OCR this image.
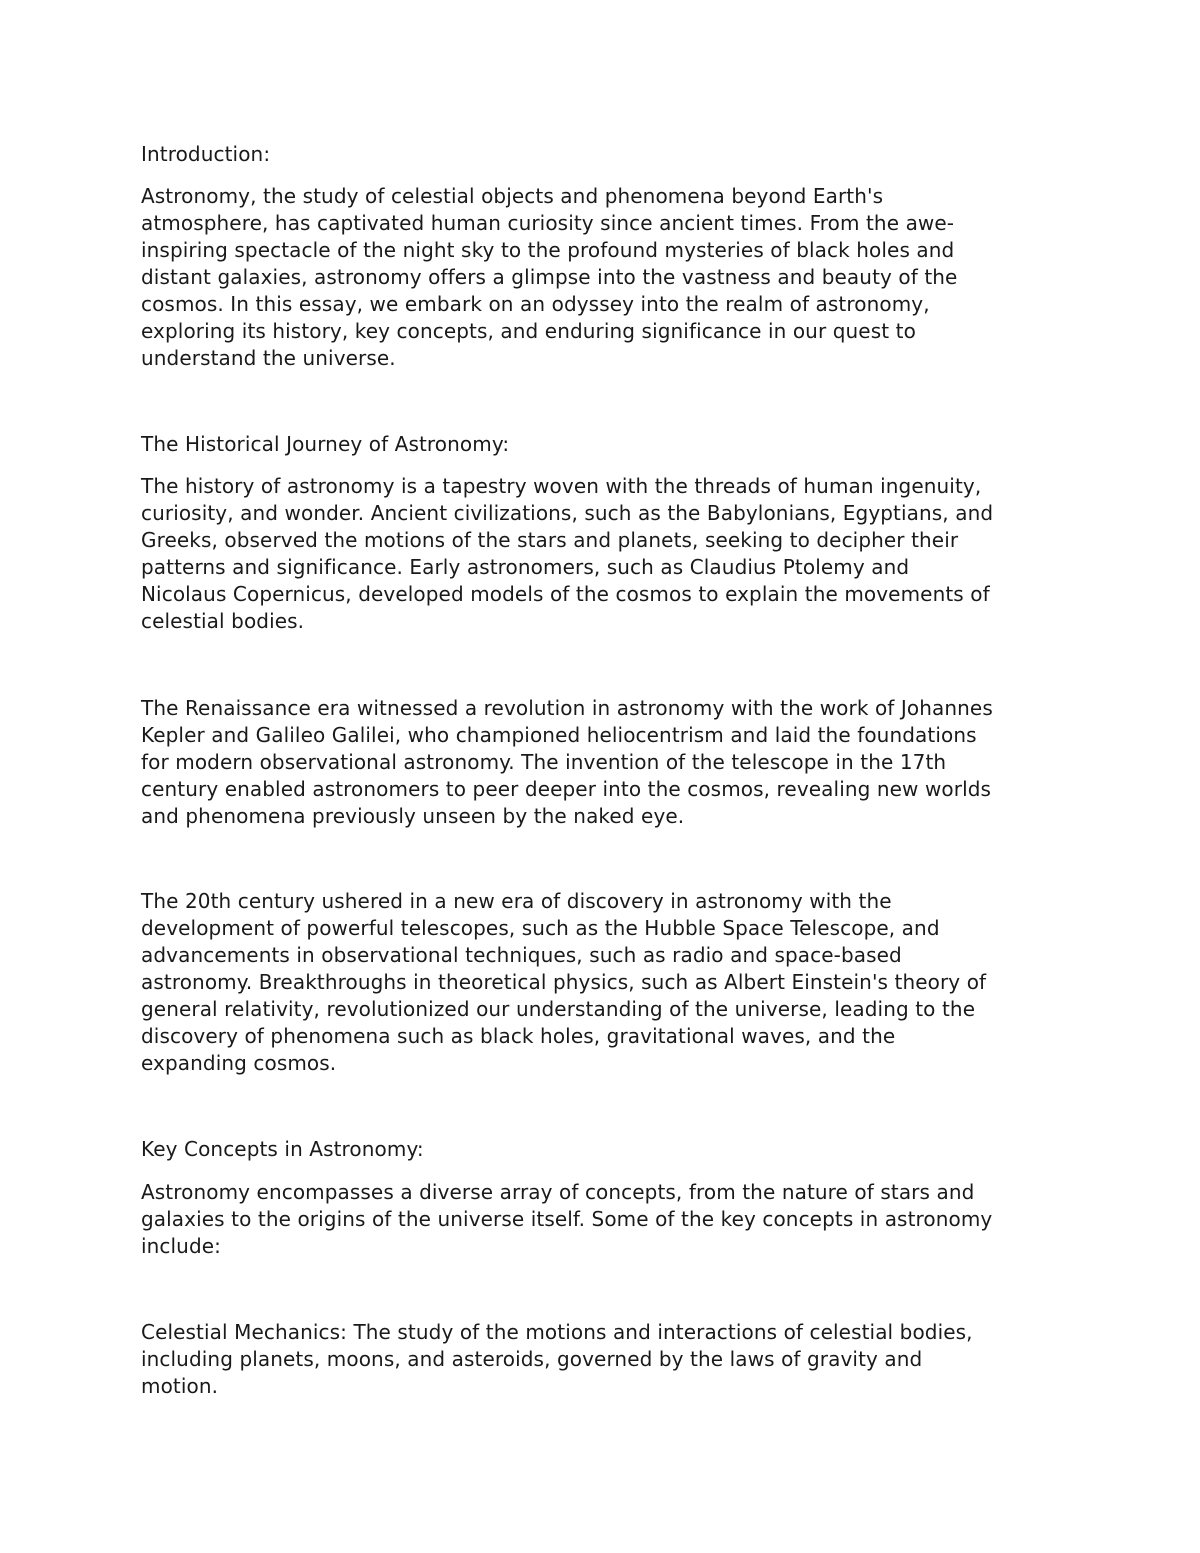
Introduction:

Astronomy, the study of celestial objects and phenomena beyond Earth's
atmosphere, has captivated human curiosity since ancient times. From the awe-
inspiring spectacle of the night sky to the profound mysteries of black holes and
distant galaxies, astronomy offers a glimpse into the vastness and beauty of the
cosmos. In this essay, we embark on an odyssey into the realm of astronomy,
exploring its history, key concepts, and enduring significance in our quest to
understand the universe.

The Historical Journey of Astronomy:

The history of astronomy is a tapestry woven with the threads of human ingenuity,
curiosity, and wonder. Ancient civilizations, such as the Babylonians, Egyptians, and
Greeks, observed the motions of the stars and planets, seeking to decipher their
patterns and significance. Early astronomers, such as Claudius Ptolemy and
Nicolaus Copernicus, developed models of the cosmos to explain the movements of
celestial bodies.

The Renaissance era witnessed a revolution in astronomy with the work of Johannes
Kepler and Galileo Galilei, who championed heliocentrism and laid the foundations
for modern observational astronomy. The invention of the telescope in the 17th
century enabled astronomers to peer deeper into the cosmos, revealing new worlds
and phenomena previously unseen by the naked eye.

The 20th century ushered in a new era of discovery in astronomy with the
development of powerful telescopes, such as the Hubble Space Telescope, and
advancements in observational techniques, such as radio and space-based
astronomy. Breakthroughs in theoretical physics, such as Albert Einstein's theory of
general relativity, revolutionized our understanding of the universe, leading to the
discovery of phenomena such as black holes, gravitational waves, and the
expanding cosmos.

Key Concepts in Astronomy:

Astronomy encompasses a diverse array of concepts, from the nature of stars and
galaxies to the origins of the universe itself. Some of the key concepts in astronomy
include:

Celestial Mechanics: The study of the motions and interactions of celestial bodies,
including planets, moons, and asteroids, governed by the laws of gravity and
motion.
